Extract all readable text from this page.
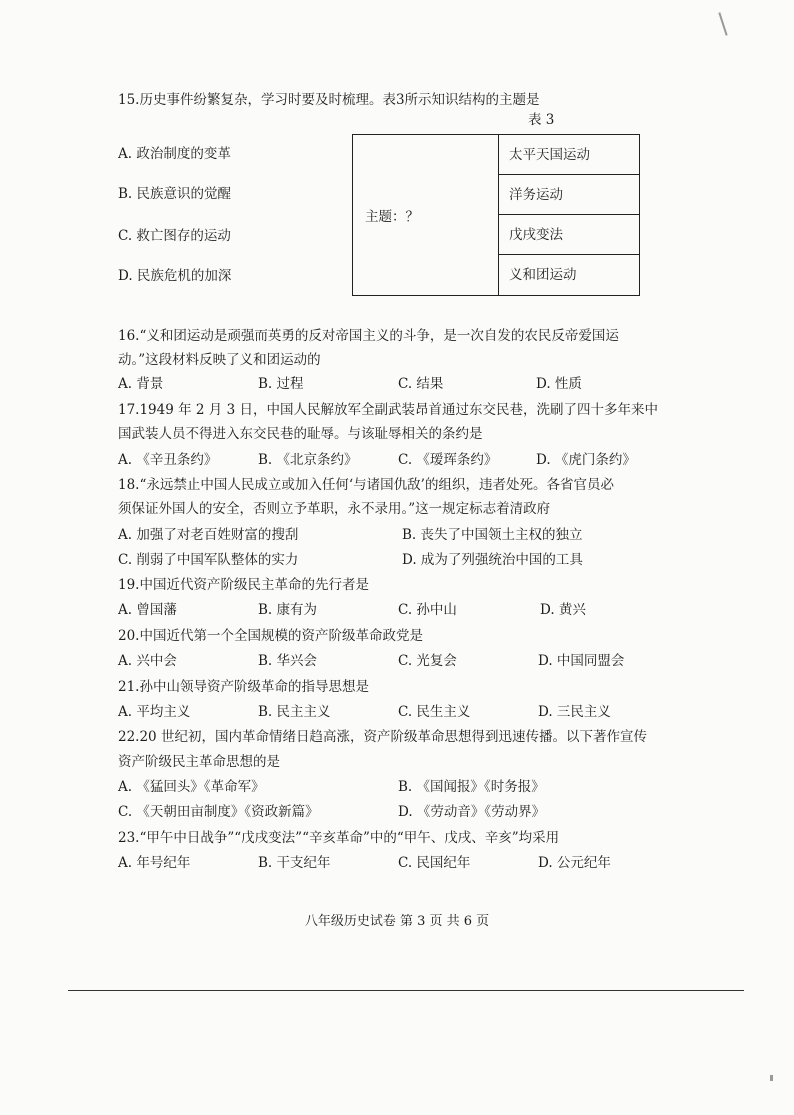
15.历史事件纷繁复杂，学习时要及时梳理。表3所示知识结构的主题是
表 3
A. 政治制度的变革
B. 民族意识的觉醒
C. 救亡图存的运动
D. 民族危机的加深
主题：？
太平天国运动
洋务运动
戊戌变法
义和团运动
16.“义和团运动是顽强而英勇的反对帝国主义的斗争，是一次自发的农民反帝爱国运
动。”这段材料反映了义和团运动的
A. 背景	B. 过程	C. 结果	D. 性质
17.1949 年 2 月 3 日，中国人民解放军全副武装昂首通过东交民巷，洗刷了四十多年来中
国武装人员不得进入东交民巷的耻辱。与该耻辱相关的条约是
A. 《辛丑条约》	B. 《北京条约》	C. 《瑷珲条约》	D. 《虎门条约》
18.“永远禁止中国人民成立或加入任何‘与诸国仇敌’的组织，违者处死。各省官员必
须保证外国人的安全，否则立予革职，永不录用。”这一规定标志着清政府
A. 加强了对老百姓财富的搜刮	B. 丧失了中国领土主权的独立
C. 削弱了中国军队整体的实力	D. 成为了列强统治中国的工具
19.中国近代资产阶级民主革命的先行者是
A. 曾国藩	B. 康有为	C. 孙中山	D. 黄兴
20.中国近代第一个全国规模的资产阶级革命政党是
A. 兴中会	B. 华兴会	C. 光复会	D. 中国同盟会
21.孙中山领导资产阶级革命的指导思想是
A. 平均主义	B. 民主主义	C. 民生主义	D. 三民主义
22.20 世纪初，国内革命情绪日趋高涨，资产阶级革命思想得到迅速传播。以下著作宣传
资产阶级民主革命思想的是
A. 《猛回头》《革命军》	B. 《国闻报》《时务报》
C. 《天朝田亩制度》《资政新篇》	D. 《劳动音》《劳动界》
23.“甲午中日战争”“戊戌变法”“辛亥革命”中的“甲午、戊戌、辛亥”均采用
A. 年号纪年	B. 干支纪年	C. 民国纪年	D. 公元纪年
八年级历史试卷 第 3 页 共 6 页
